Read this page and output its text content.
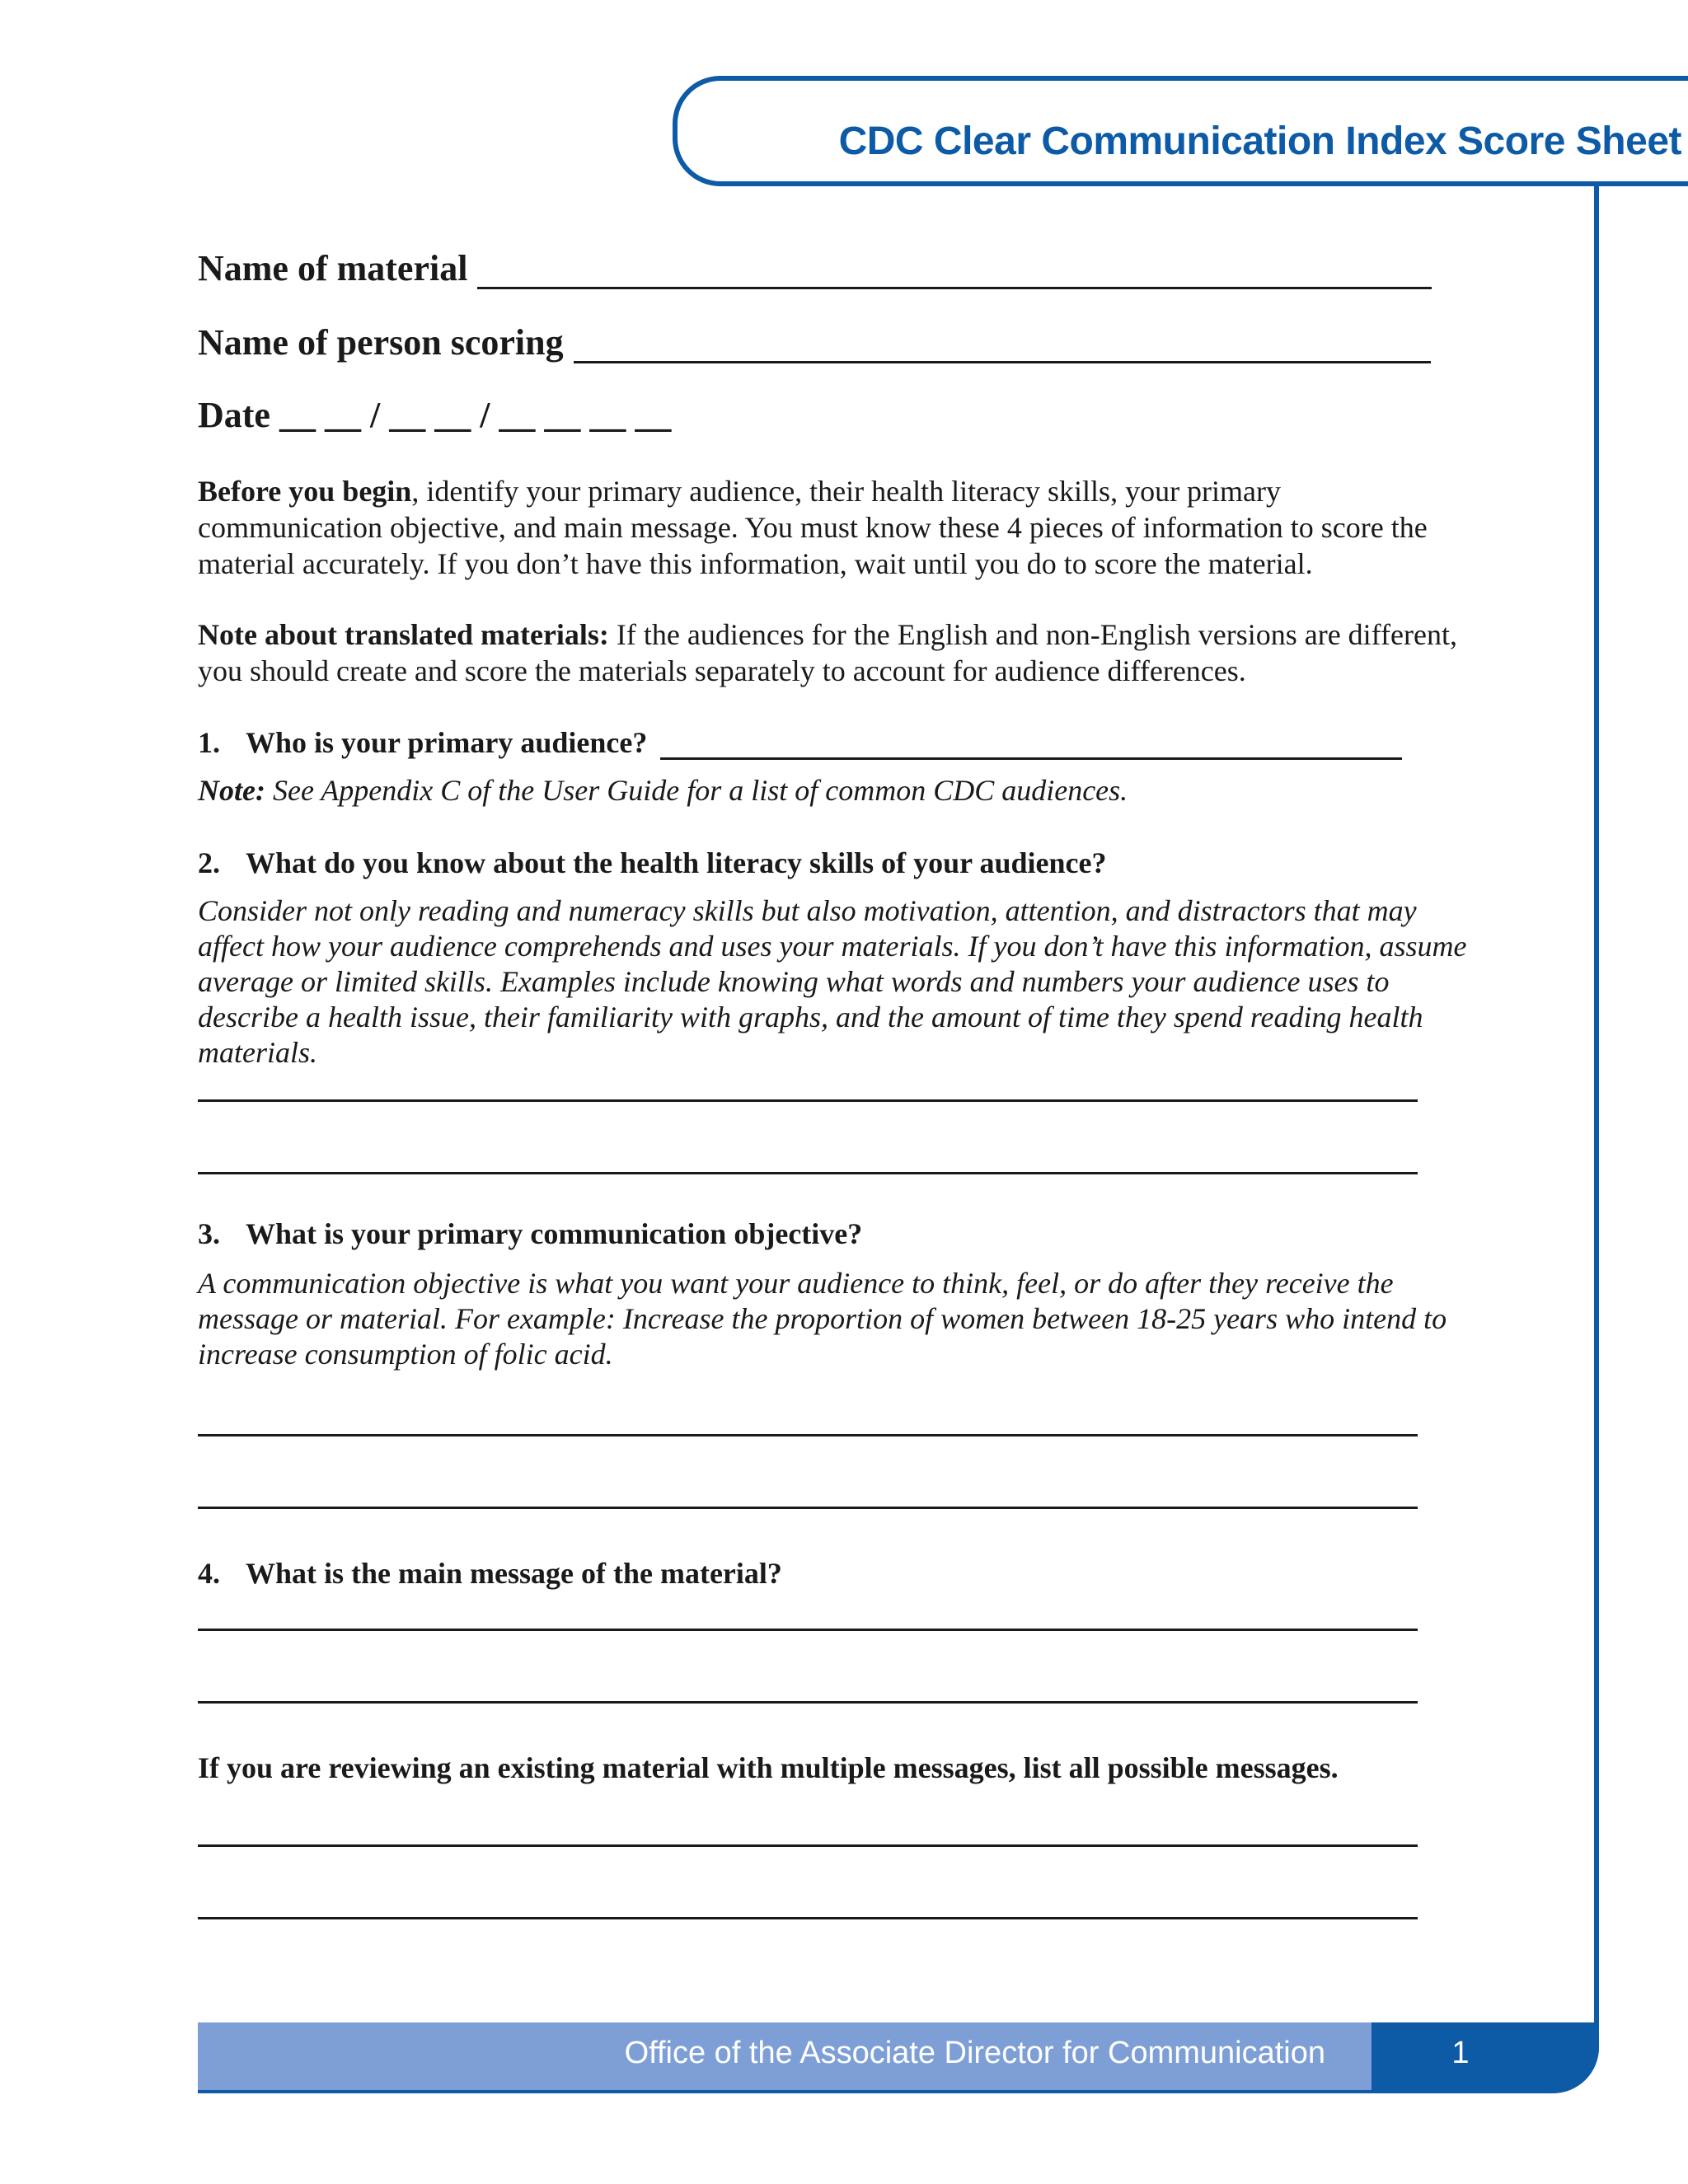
CDC Clear Communication Index Score Sheet
Name of material
Name of person scoring
Date __ __ / __ __ / __ __ __ __
Before you begin, identify your primary audience, their health literacy skills, your primary communication objective, and main message. You must know these 4 pieces of information to score the material accurately. If you don’t have this information, wait until you do to score the material.
Note about translated materials: If the audiences for the English and non-English versions are different, you should create and score the materials separately to account for audience differences.
1. Who is your primary audience?
Note: See Appendix C of the User Guide for a list of common CDC audiences.
2. What do you know about the health literacy skills of your audience?
Consider not only reading and numeracy skills but also motivation, attention, and distractors that may affect how your audience comprehends and uses your materials. If you don’t have this information, assume average or limited skills. Examples include knowing what words and numbers your audience uses to describe a health issue, their familiarity with graphs, and the amount of time they spend reading health materials.
3. What is your primary communication objective?
A communication objective is what you want your audience to think, feel, or do after they receive the message or material. For example: Increase the proportion of women between 18-25 years who intend to increase consumption of folic acid.
4. What is the main message of the material?
If you are reviewing an existing material with multiple messages, list all possible messages.
Office of the Associate Director for Communication	1
